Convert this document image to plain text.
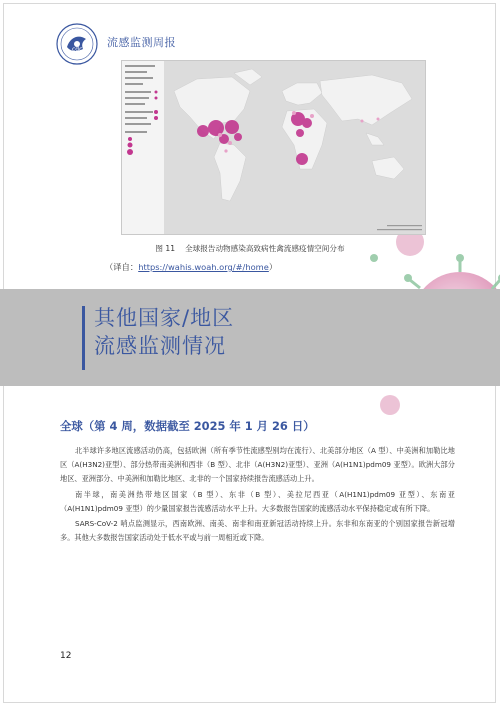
cdc
流感监测周报
图 11 全球报告动物感染高致病性禽流感疫情空间分布
（译自：https://wahis.woah.org/#/home）
其他国家/地区
流感监测情况
全球（第 4 周，数据截至 2025 年 1 月 26 日）

北半球许多地区流感活动仍高，包括欧洲（所有季节性流感型别均在流行）、北美部分地区（A 型）、中美洲和加勒比地区（A(H3N2)亚型）、部分热带南美洲和西非（B 型）、北非（A(H3N2)亚型）、亚洲（A(H1N1)pdm09 亚型）。欧洲大部分地区、亚洲部分、中美洲和加勒比地区、北非的一个国家持续报告流感活动上升。

南半球，南美洲热带地区国家（B 型）、东非（B 型）、美拉尼西亚（A(H1N1)pdm09 亚型）、东南亚（A(H1N1)pdm09 亚型）的少量国家报告流感活动水平上升。大多数报告国家的流感活动水平保持稳定或有所下降。

SARS-CoV-2 哨点监测显示，西南欧洲、南美、南非和南亚新冠活动持续上升。东非和东南亚的个别国家报告新冠增多。其他大多数报告国家活动处于低水平或与前一周相近或下降。

12
